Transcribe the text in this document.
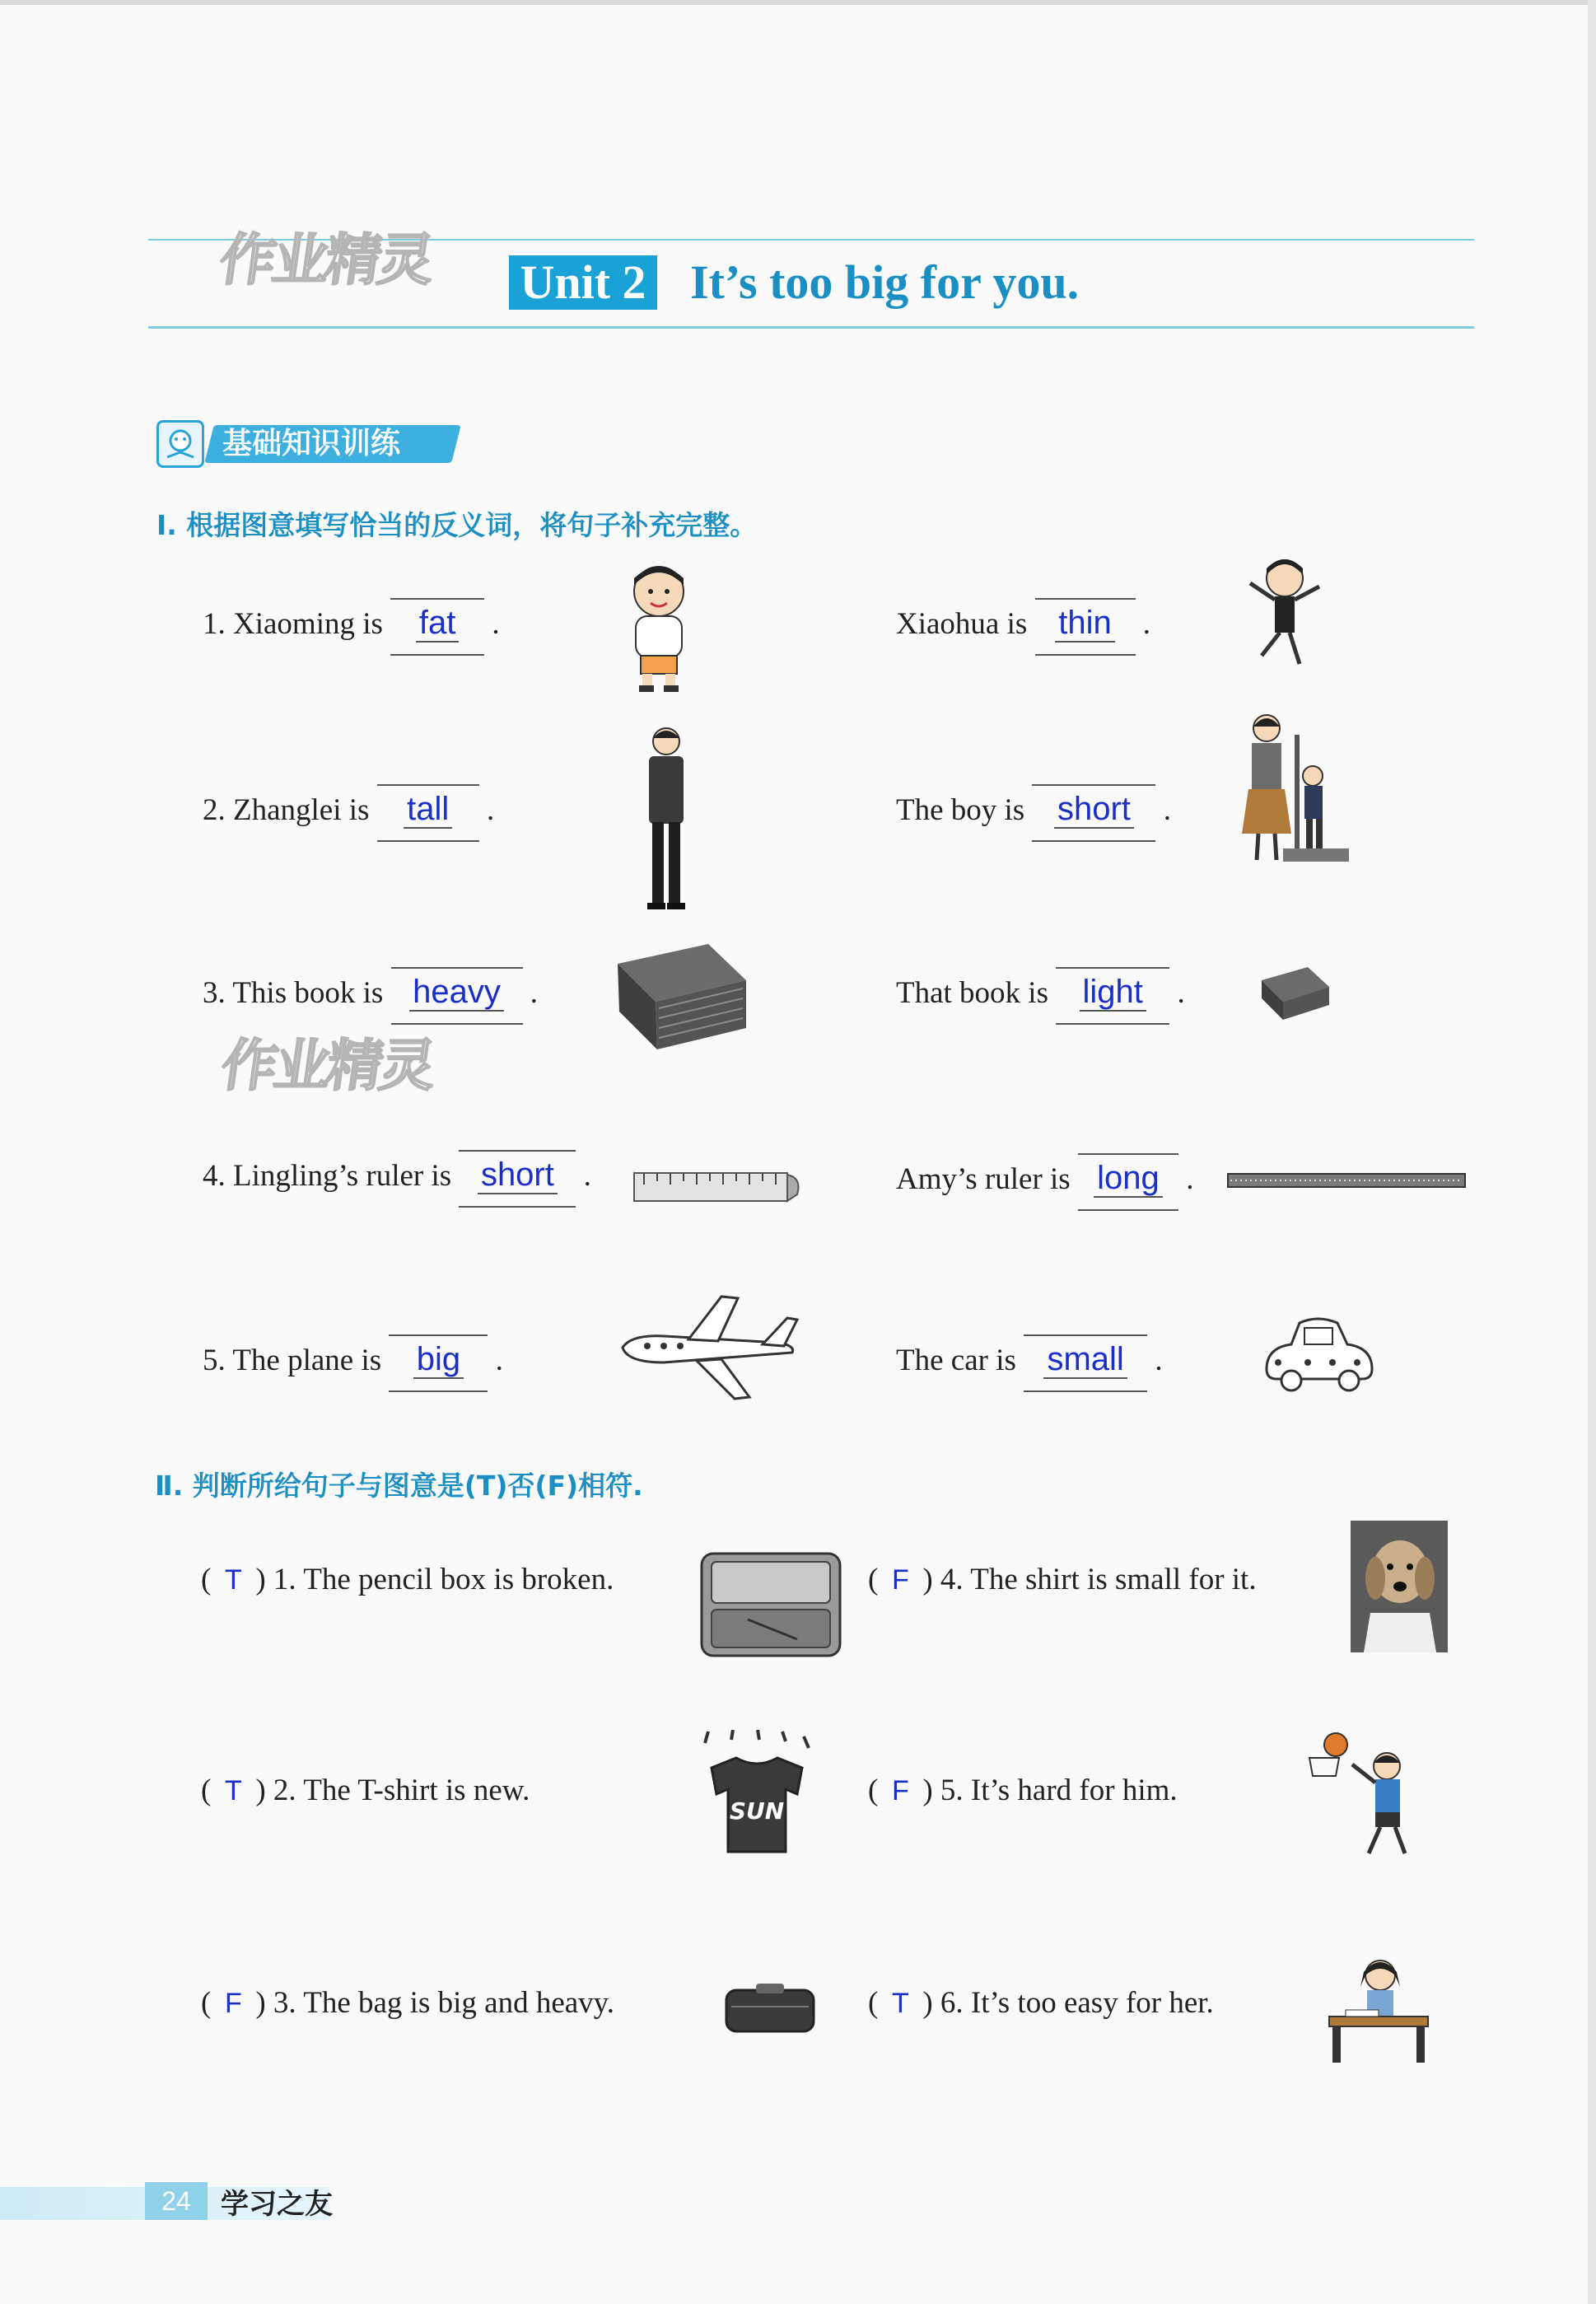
作业精灵 Unit 2 It’s too big for you.
基础知识训练
Ⅰ. 根据图意填写恰当的反义词，将句子补充完整。
1. Xiaoming is fat .	Xiaohua is thin .
2. Zhanglei is tall .	The boy is short .
3. This book is heavy .	That book is light .
作业精灵
4. Lingling’s ruler is short .	Amy’s ruler is long .
5. The plane is big .	The car is small .
Ⅱ. 判断所给句子与图意是(T)否(F)相符.
( T ) 1. The pencil box is broken.
( T ) 2. The T-shirt is new.
SUN
( F ) 3. The bag is big and heavy.
( F ) 4. The shirt is small for it.
( F ) 5. It’s hard for him.
( T ) 6. It’s too easy for her.
24	学习之友
